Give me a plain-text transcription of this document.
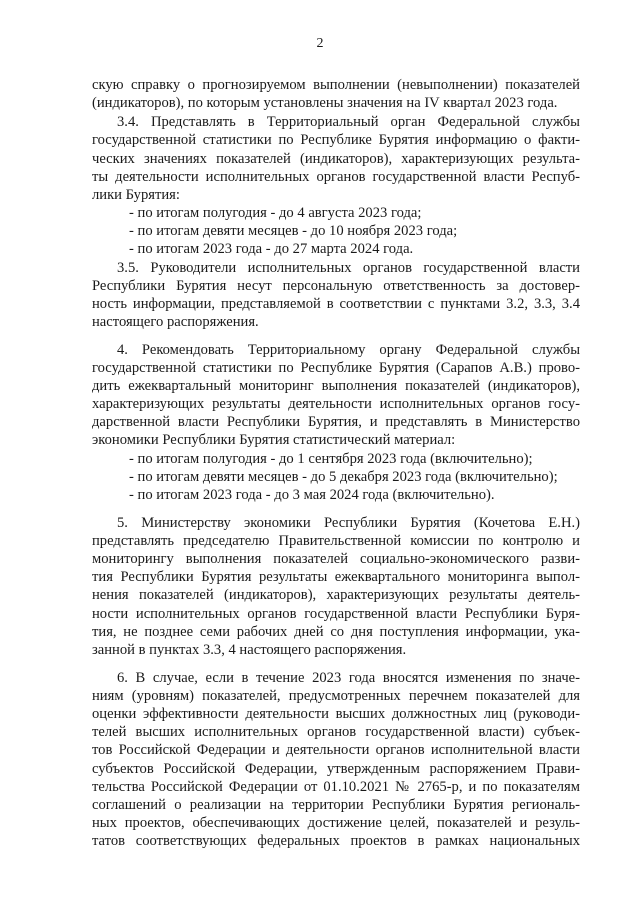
2
скую справку о прогнозируемом выполнении (невыполнении) показателей
(индикаторов), по которым установлены значения на IV квартал 2023 года.
3.4. Представлять в Территориальный орган Федеральной службы
государственной статистики по Республике Бурятия информацию о факти-
ческих значениях показателей (индикаторов), характеризующих результа-
ты деятельности исполнительных органов государственной власти Респуб-
лики Бурятия:
- по итогам полугодия - до 4 августа 2023 года;
- по итогам девяти месяцев - до 10 ноября 2023 года;
- по итогам 2023 года - до 27 марта 2024 года.
3.5. Руководители исполнительных органов государственной власти
Республики Бурятия несут персональную ответственность за достовер-
ность информации, представляемой в соответствии с пунктами 3.2, 3.3, 3.4
настоящего распоряжения.
4. Рекомендовать Территориальному органу Федеральной службы
государственной статистики по Республике Бурятия (Сарапов А.В.) прово-
дить ежеквартальный мониторинг выполнения показателей (индикаторов),
характеризующих результаты деятельности исполнительных органов госу-
дарственной власти Республики Бурятия, и представлять в Министерство
экономики Республики Бурятия статистический материал:
- по итогам полугодия - до 1 сентября 2023 года (включительно);
- по итогам девяти месяцев - до 5 декабря 2023 года (включительно);
- по итогам 2023 года - до 3 мая 2024 года (включительно).
5. Министерству экономики Республики Бурятия (Кочетова Е.Н.)
представлять председателю Правительственной комиссии по контролю и
мониторингу выполнения показателей социально-экономического разви-
тия Республики Бурятия результаты ежеквартального мониторинга выпол-
нения показателей (индикаторов), характеризующих результаты деятель-
ности исполнительных органов государственной власти Республики Буря-
тия, не позднее семи рабочих дней со дня поступления информации, ука-
занной в пунктах 3.3, 4 настоящего распоряжения.
6. В случае, если в течение 2023 года вносятся изменения по значе-
ниям (уровням) показателей, предусмотренных перечнем показателей для
оценки эффективности деятельности высших должностных лиц (руководи-
телей высших исполнительных органов государственной власти) субъек-
тов Российской Федерации и деятельности органов исполнительной власти
субъектов Российской Федерации, утвержденным распоряжением Прави-
тельства Российской Федерации от 01.10.2021 № 2765-р, и по показателям
соглашений о реализации на территории Республики Бурятия региональ-
ных проектов, обеспечивающих достижение целей, показателей и резуль-
татов соответствующих федеральных проектов в рамках национальных
